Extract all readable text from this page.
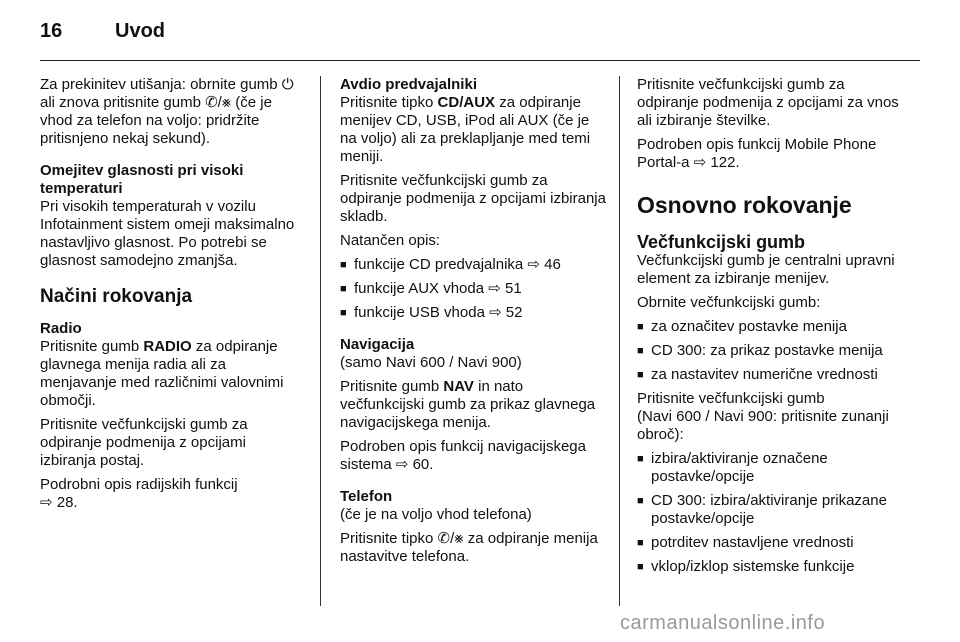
16	Uvod

Za prekinitev utišanja: obrnite gumb ⏻ ali znova pritisnite gumb ✆/⨳ (če je vhod za telefon na voljo: pridržite pritisnjeno nekaj sekund).

Omejitev glasnosti pri visoki
temperaturi

Pri visokih temperaturah v vozilu Infotainment sistem omeji maksimalno nastavljivo glasnost. Po potrebi se glasnost samodejno zmanjša.

Načini rokovanja

Radio

Pritisnite gumb RADIO za odpiranje glavnega menija radia ali za menjavanje med različnimi valovnimi območji.

Pritisnite večfunkcijski gumb za odpiranje podmenija z opcijami izbiranja postaj.

Podrobni opis radijskih funkcij
⇨ 28.

Avdio predvajalniki

Pritisnite tipko CD/AUX za odpiranje menijev CD, USB, iPod ali AUX (če je na voljo) ali za preklapljanje med temi meniji.

Pritisnite večfunkcijski gumb za odpiranje podmenija z opcijami izbiranja skladb.

Natančen opis:

■ funkcije CD predvajalnika ⇨ 46
■ funkcije AUX vhoda ⇨ 51
■ funkcije USB vhoda ⇨ 52

Navigacija

(samo Navi 600 / Navi 900)

Pritisnite gumb NAV in nato večfunkcijski gumb za prikaz glavnega navigacijskega menija.

Podroben opis funkcij navigacijskega sistema ⇨ 60.

Telefon

(če je na voljo vhod telefona)

Pritisnite tipko ✆/⨳ za odpiranje menija nastavitve telefona.

Pritisnite večfunkcijski gumb za odpiranje podmenija z opcijami za vnos ali izbiranje številke.

Podroben opis funkcij Mobile Phone Portal-a ⇨ 122.

Osnovno rokovanje
Večfunkcijski gumb

Večfunkcijski gumb je centralni upravni element za izbiranje menijev.

Obrnite večfunkcijski gumb:

■ za označitev postavke menija
■ CD 300: za prikaz postavke menija
■ za nastavitev numerične vrednosti

Pritisnite večfunkcijski gumb
(Navi 600 / Navi 900: pritisnite zunanji obroč):

■ izbira/aktiviranje označene postavke/opcije
■ CD 300: izbira/aktiviranje prikazane postavke/opcije
■ potrditev nastavljene vrednosti
■ vklop/izklop sistemske funkcije
carmanualsonline.info
